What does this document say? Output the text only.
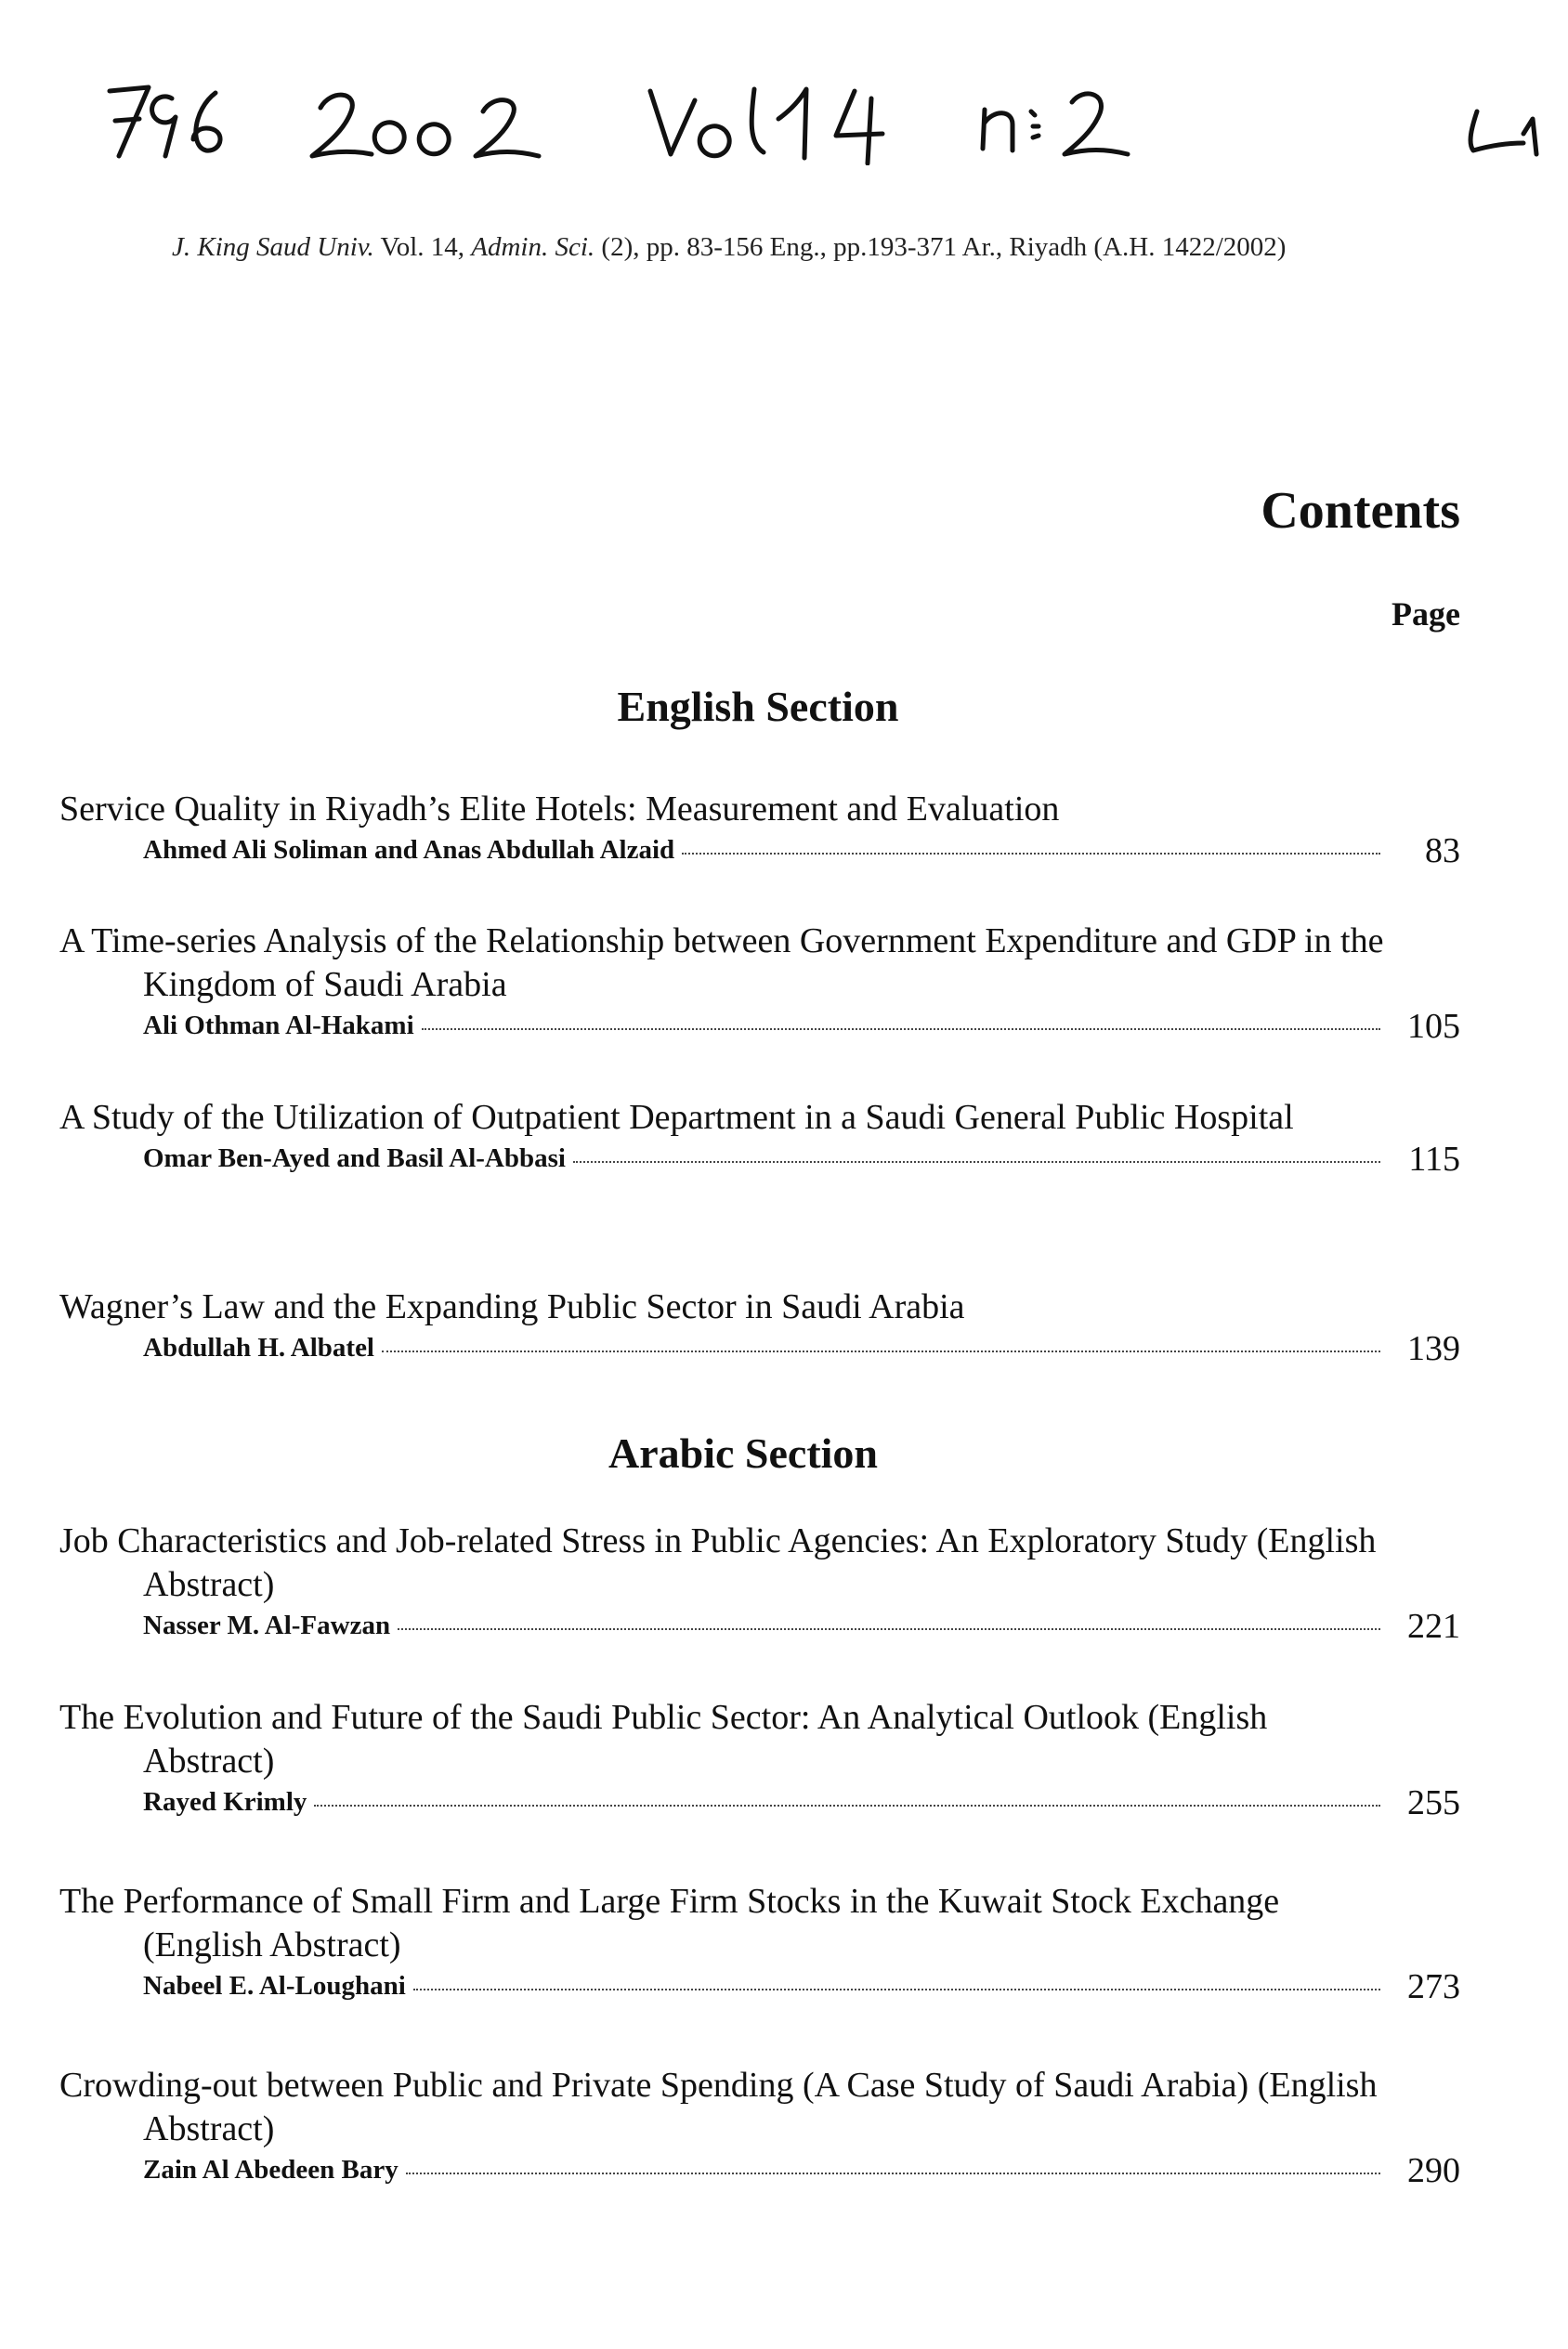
J. King Saud Univ. Vol. 14, Admin. Sci. (2), pp. 83-156 Eng., pp.193-371 Ar., Riyadh (A.H. 1422/2002)
Contents
Page
English Section
Service Quality in Riyadh’s Elite Hotels: Measurement and Evaluation
Ahmed Ali Soliman and Anas Abdullah Alzaid	83
A Time-series Analysis of the Relationship between Government Expenditure and GDP in the Kingdom of Saudi Arabia
Ali Othman Al-Hakami	105
A Study of the Utilization of Outpatient Department in a Saudi General Public Hospital
Omar Ben-Ayed and Basil Al-Abbasi	115
Wagner’s Law and the Expanding Public Sector in Saudi Arabia
Abdullah H. Albatel	139
Arabic Section
Job Characteristics and Job-related Stress in Public Agencies: An Exploratory Study (English Abstract)
Nasser M. Al-Fawzan	221
The Evolution and Future of the Saudi Public Sector: An Analytical Outlook (English Abstract)
Rayed Krimly	255
The Performance of Small Firm and Large Firm Stocks in the Kuwait Stock Exchange (English Abstract)
Nabeel E. Al-Loughani	273
Crowding-out between Public and Private Spending (A Case Study of Saudi Arabia) (English Abstract)
Zain Al Abedeen Bary	290
